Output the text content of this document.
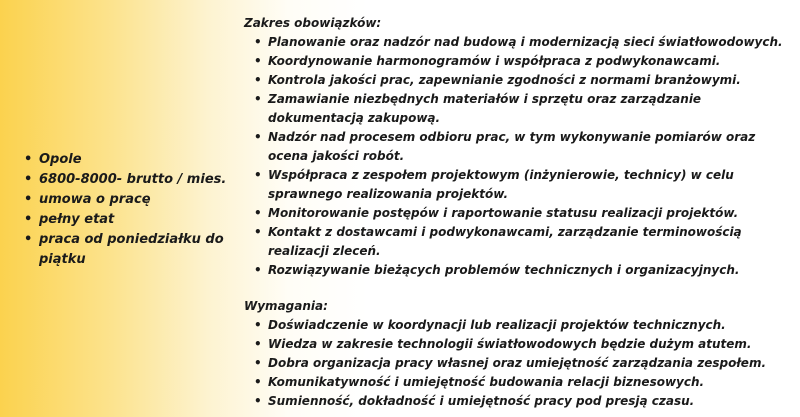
• Opole
• 6800-8000- brutto / mies.
• umowa o pracę
• pełny etat
• praca od poniedziałku do piątku
Zakres obowiązków:
• Planowanie oraz nadzór nad budową i modernizacją sieci światłowodowych.
• Koordynowanie harmonogramów i współpraca z podwykonawcami.
• Kontrola jakości prac, zapewnianie zgodności z normami branżowymi.
• Zamawianie niezbędnych materiałów i sprzętu oraz zarządzanie dokumentacją zakupową.
• Nadzór nad procesem odbioru prac, w tym wykonywanie pomiarów oraz ocena jakości robót.
• Współpraca z zespołem projektowym (inżynierowie, technicy) w celu sprawnego realizowania projektów.
• Monitorowanie postępów i raportowanie statusu realizacji projektów.
• Kontakt z dostawcami i podwykonawcami, zarządzanie terminowością realizacji zleceń.
• Rozwiązywanie bieżących problemów technicznych i organizacyjnych.
Wymagania:
• Doświadczenie w koordynacji lub realizacji projektów technicznych.
• Wiedza w zakresie technologii światłowodowych będzie dużym atutem.
• Dobra organizacja pracy własnej oraz umiejętność zarządzania zespołem.
• Komunikatywność i umiejętność budowania relacji biznesowych.
• Sumienność, dokładność i umiejętność pracy pod presją czasu.
